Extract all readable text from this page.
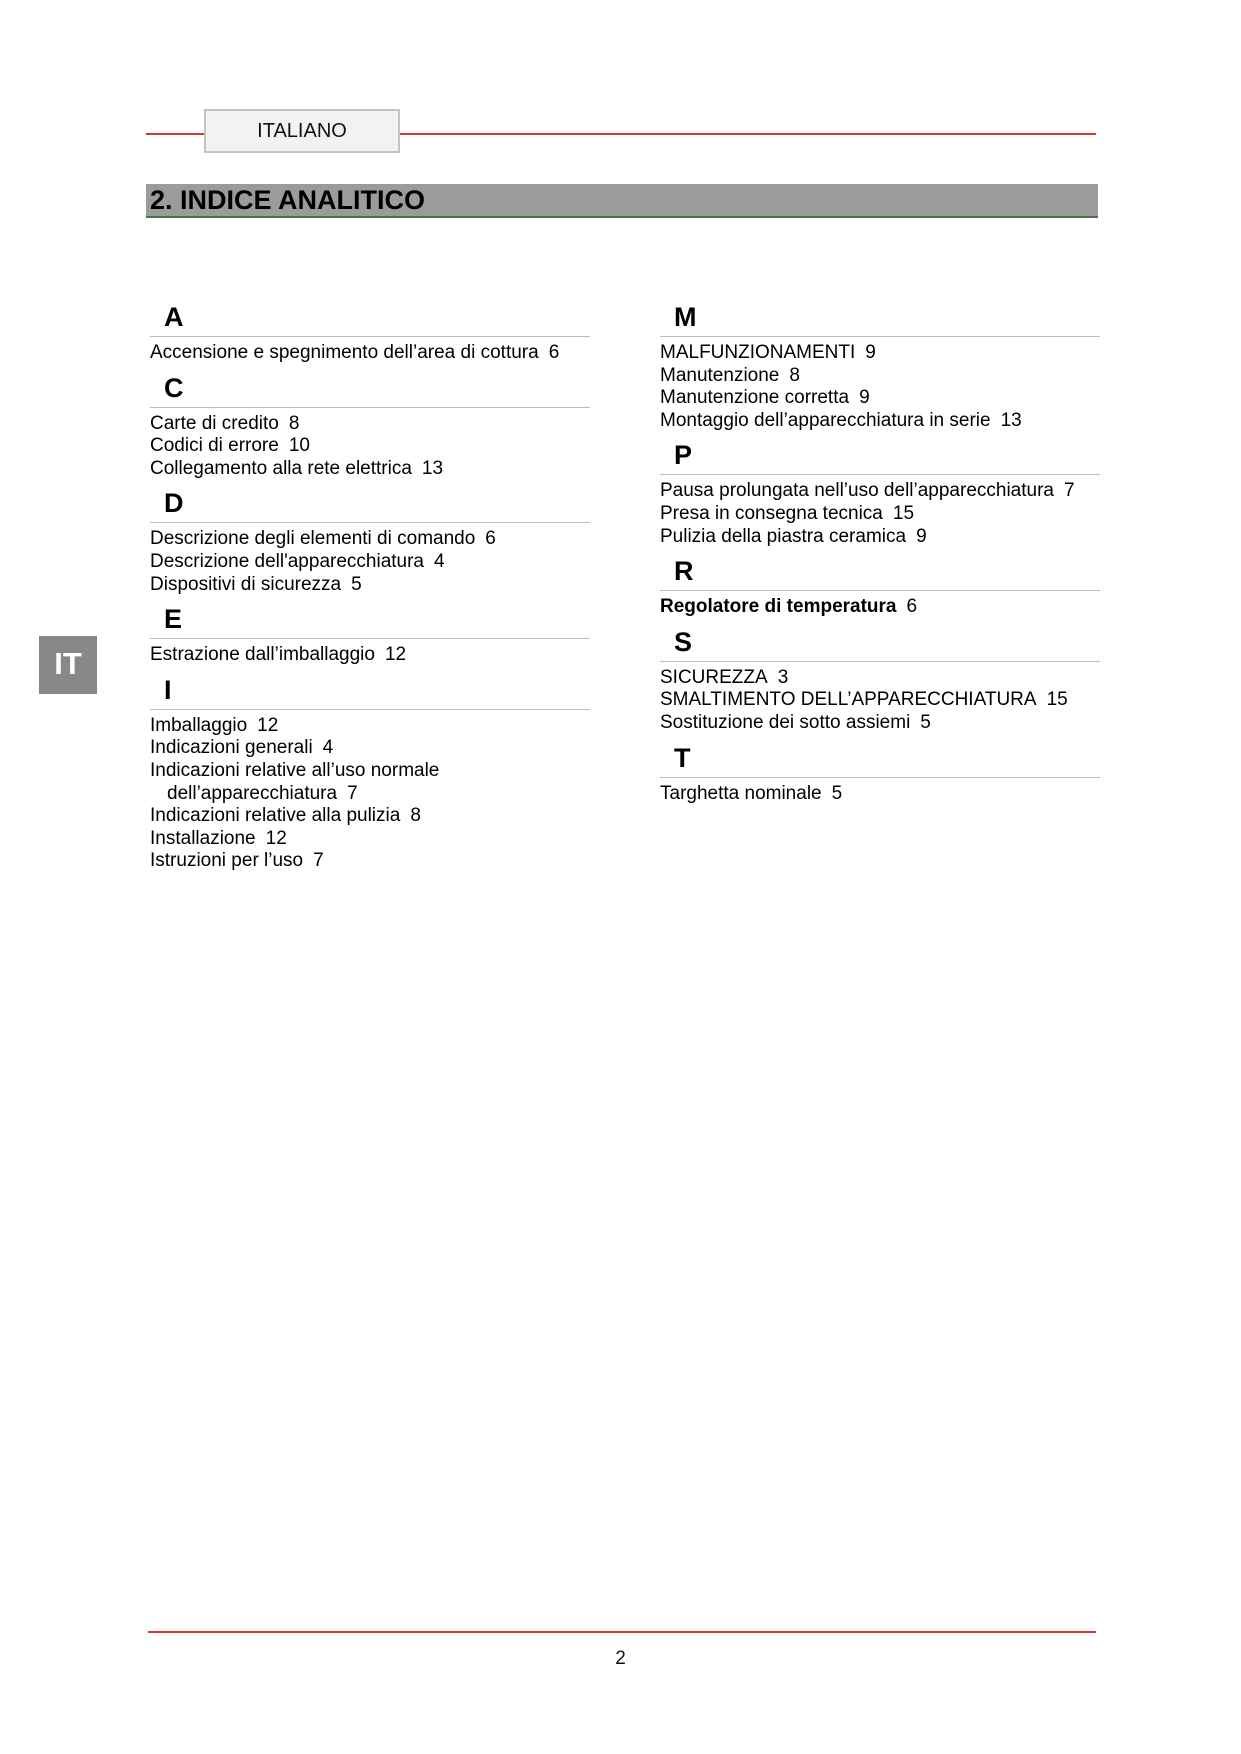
ITALIANO
2. INDICE ANALITICO
IT
A
Accensione e spegnimento dell’area di cottura 6
C
Carte di credito 8
Codici di errore 10
Collegamento alla rete elettrica 13
D
Descrizione degli elementi di comando 6
Descrizione dell'apparecchiatura 4
Dispositivi di sicurezza 5
E
Estrazione dall’imballaggio 12
I
Imballaggio 12
Indicazioni generali 4
Indicazioni relative all’uso normale
dell’apparecchiatura 7
Indicazioni relative alla pulizia 8
Installazione 12
Istruzioni per l’uso 7
M
MALFUNZIONAMENTI 9
Manutenzione 8
Manutenzione corretta 9
Montaggio dell’apparecchiatura in serie 13
P
Pausa prolungata nell’uso dell’apparecchiatura 7
Presa in consegna tecnica 15
Pulizia della piastra ceramica 9
R
Regolatore di temperatura 6
S
SICUREZZA 3
SMALTIMENTO DELL’APPARECCHIATURA 15
Sostituzione dei sotto assiemi 5
T
Targhetta nominale 5
2
